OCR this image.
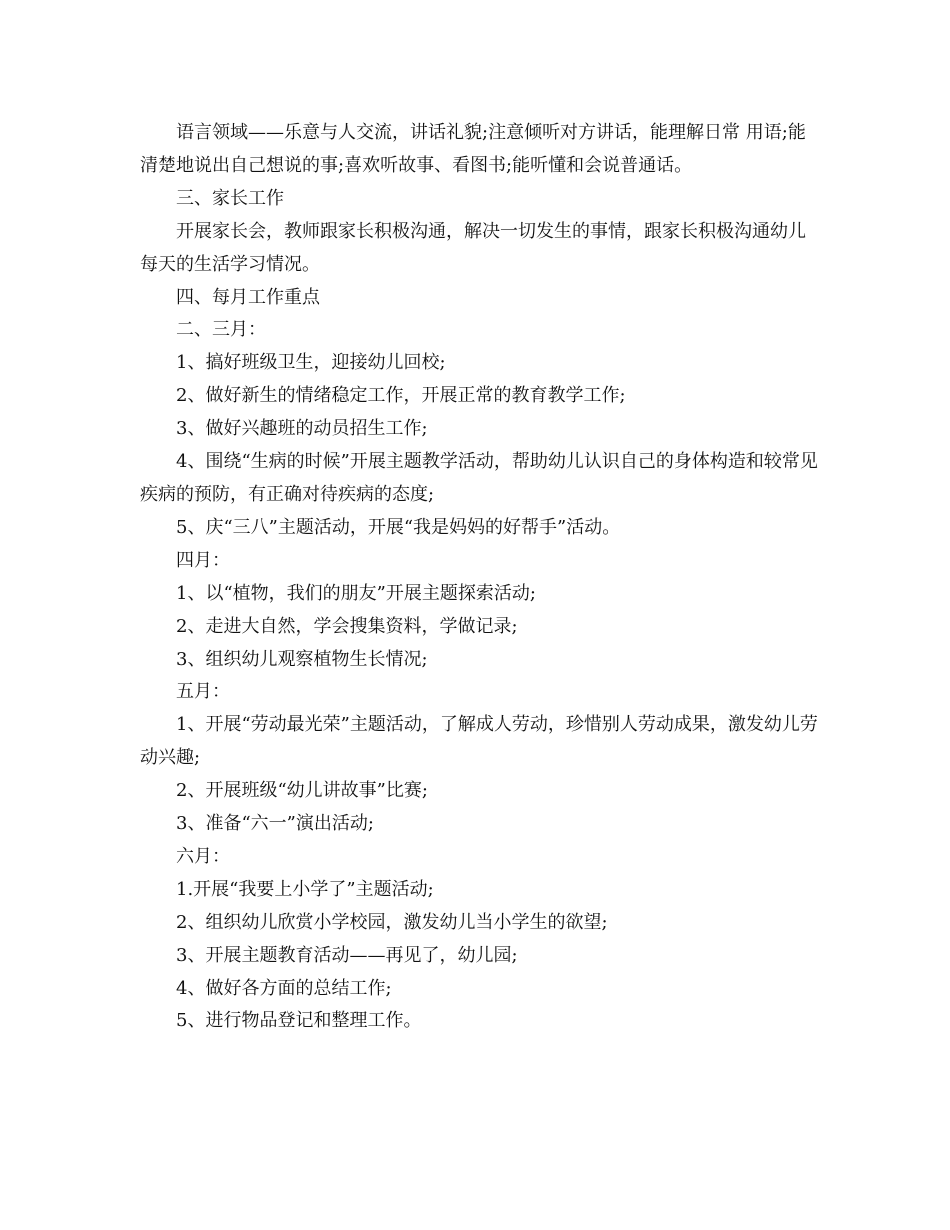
语言领域——乐意与人交流，讲话礼貌;注意倾听对方讲话，能理解日常 用语;能清楚地说出自己想说的事;喜欢听故事、看图书;能听懂和会说普通话。

三、家长工作

开展家长会，教师跟家长积极沟通，解决一切发生的事情，跟家长积极沟通幼儿每天的生活学习情况。

四、每月工作重点

二、三月：

1、搞好班级卫生，迎接幼儿回校;

2、做好新生的情绪稳定工作，开展正常的教育教学工作;

3、做好兴趣班的动员招生工作;

4、围绕“生病的时候”开展主题教学活动，帮助幼儿认识自己的身体构造和较常见疾病的预防，有正确对待疾病的态度;

5、庆“三八”主题活动，开展“我是妈妈的好帮手”活动。

四月：

1、以“植物，我们的朋友”开展主题探索活动;

2、走进大自然，学会搜集资料，学做记录;

3、组织幼儿观察植物生长情况;

五月：

1、开展“劳动最光荣”主题活动，了解成人劳动，珍惜别人劳动成果，激发幼儿劳动兴趣;

2、开展班级“幼儿讲故事”比赛;

3、准备“六一”演出活动;

六月：

1.开展“我要上小学了”主题活动;

2、组织幼儿欣赏小学校园，激发幼儿当小学生的欲望;

3、开展主题教育活动——再见了，幼儿园;

4、做好各方面的总结工作;

5、进行物品登记和整理工作。
